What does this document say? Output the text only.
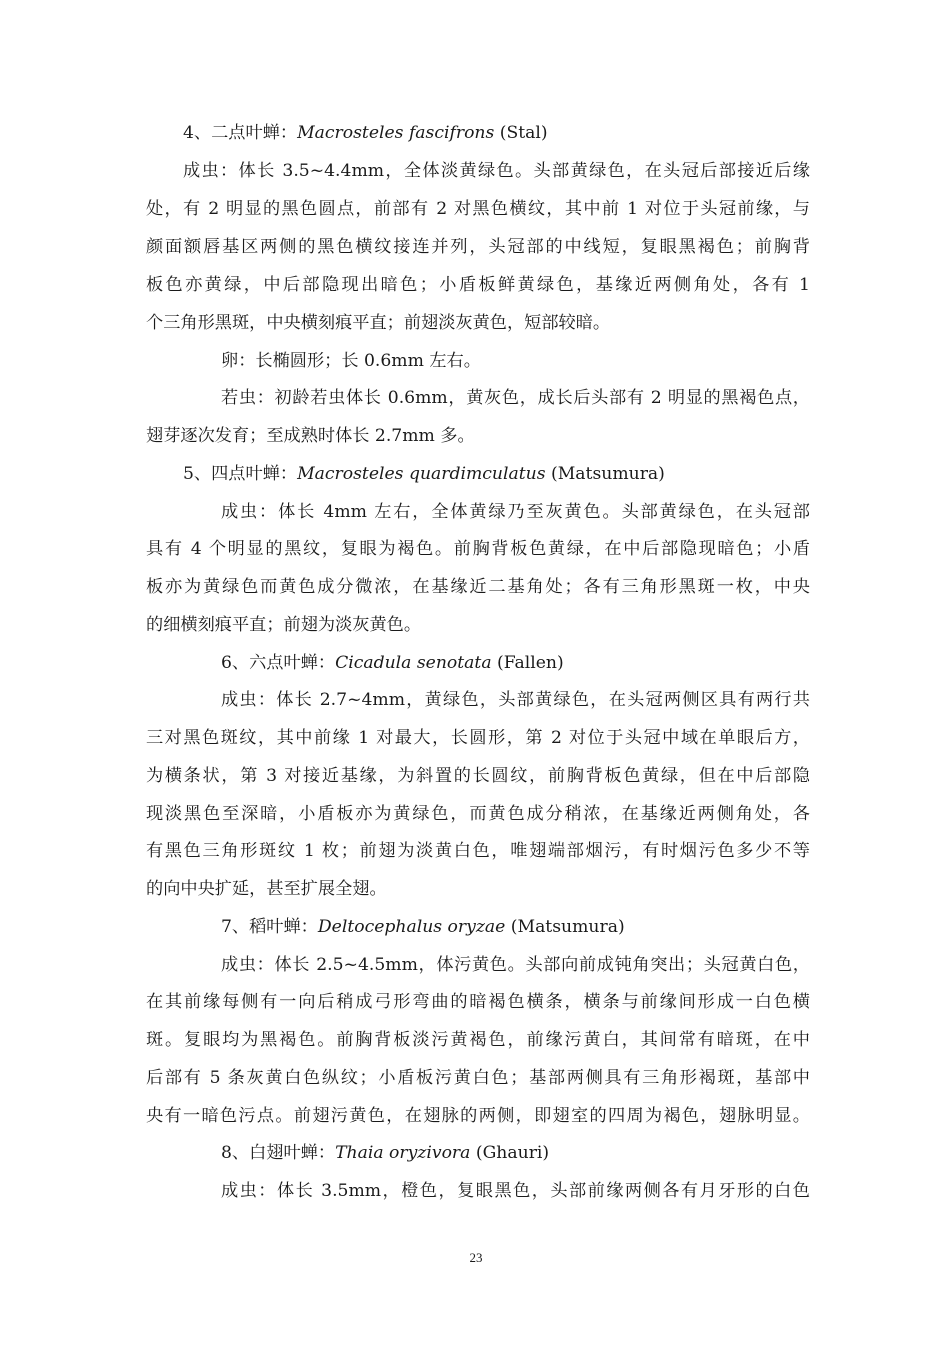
4、二点叶蝉：Macrosteles fascifrons (Stal)
成虫：体长 3.5~4.4mm，全体淡黄绿色。头部黄绿色，在头冠后部接近后缘
处，有 2 明显的黑色圆点，前部有 2 对黑色横纹，其中前 1 对位于头冠前缘，与
颜面额唇基区两侧的黑色横纹接连并列，头冠部的中线短，复眼黑褐色；前胸背
板色亦黄绿，中后部隐现出暗色；小盾板鲜黄绿色，基缘近两侧角处，各有 1
个三角形黑斑，中央横刻痕平直；前翅淡灰黄色，短部较暗。
卵：长椭圆形；长 0.6mm 左右。
若虫：初龄若虫体长 0.6mm，黄灰色，成长后头部有 2 明显的黑褐色点，
翅芽逐次发育；至成熟时体长 2.7mm 多。
5、四点叶蝉：Macrosteles quardimculatus (Matsumura)
成虫：体长 4mm 左右，全体黄绿乃至灰黄色。头部黄绿色，在头冠部
具有 4 个明显的黑纹，复眼为褐色。前胸背板色黄绿，在中后部隐现暗色；小盾
板亦为黄绿色而黄色成分微浓，在基缘近二基角处；各有三角形黑斑一枚，中央
的细横刻痕平直；前翅为淡灰黄色。
6、六点叶蝉：Cicadula senotata (Fallen)
成虫：体长 2.7~4mm，黄绿色，头部黄绿色，在头冠两侧区具有两行共
三对黑色斑纹，其中前缘 1 对最大，长圆形，第 2 对位于头冠中域在单眼后方，
为横条状，第 3 对接近基缘，为斜置的长圆纹，前胸背板色黄绿，但在中后部隐
现淡黑色至深暗，小盾板亦为黄绿色，而黄色成分稍浓，在基缘近两侧角处，各
有黑色三角形斑纹 1 枚；前翅为淡黄白色，唯翅端部烟污，有时烟污色多少不等
的向中央扩延，甚至扩展全翅。
7、稻叶蝉：Deltocephalus oryzae (Matsumura)
成虫：体长 2.5~4.5mm，体污黄色。头部向前成钝角突出；头冠黄白色，
在其前缘每侧有一向后稍成弓形弯曲的暗褐色横条，横条与前缘间形成一白色横
斑。复眼均为黑褐色。前胸背板淡污黄褐色，前缘污黄白，其间常有暗斑，在中
后部有 5 条灰黄白色纵纹；小盾板污黄白色；基部两侧具有三角形褐斑，基部中
央有一暗色污点。前翅污黄色，在翅脉的两侧，即翅室的四周为褐色，翅脉明显。
8、白翅叶蝉：Thaia oryzivora (Ghauri)
成虫：体长 3.5mm，橙色，复眼黑色，头部前缘两侧各有月牙形的白色
23
